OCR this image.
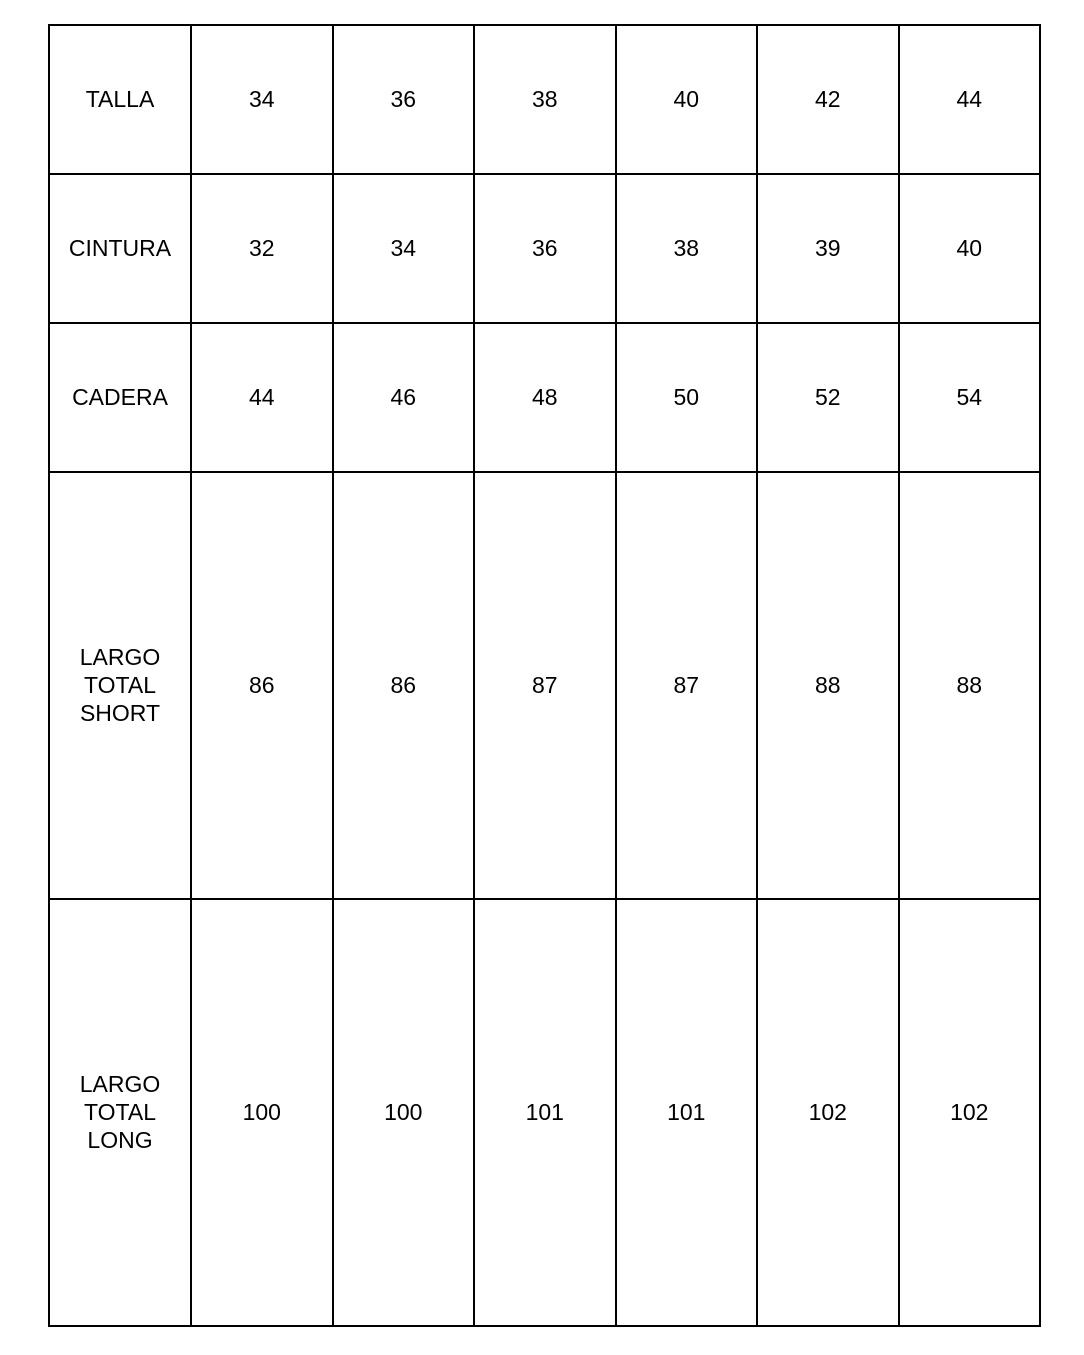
TALLA	34	36	38	40	42	44

CINTURA	32	34	36	38	39	40

CADERA	44	46	48	50	52	54

LARGO
TOTAL
SHORT	86	86	87	87	88	88

LARGO
TOTAL
LONG	100	100	101	101	102	102
